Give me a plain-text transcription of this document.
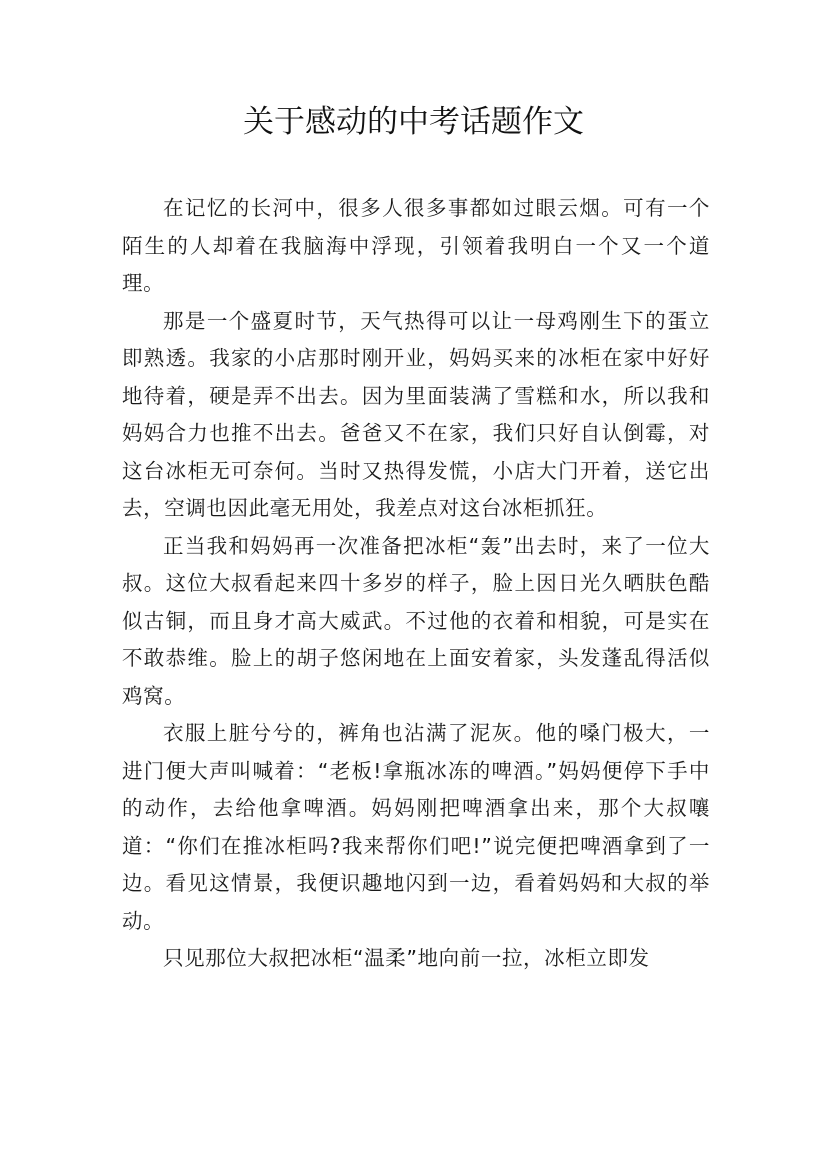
关于感动的中考话题作文

在记忆的长河中，很多人很多事都如过眼云烟。可有一个陌生的人却着在我脑海中浮现，引领着我明白一个又一个道理。

那是一个盛夏时节，天气热得可以让一母鸡刚生下的蛋立即熟透。我家的小店那时刚开业，妈妈买来的冰柜在家中好好地待着，硬是弄不出去。因为里面装满了雪糕和水，所以我和妈妈合力也推不出去。爸爸又不在家，我们只好自认倒霉，对这台冰柜无可奈何。当时又热得发慌，小店大门开着，送它出去，空调也因此毫无用处，我差点对这台冰柜抓狂。

正当我和妈妈再一次准备把冰柜“轰”出去时，来了一位大叔。这位大叔看起来四十多岁的样子，脸上因日光久晒肤色酷似古铜，而且身才高大威武。不过他的衣着和相貌，可是实在不敢恭维。脸上的胡子悠闲地在上面安着家，头发蓬乱得活似鸡窝。

衣服上脏兮兮的，裤角也沾满了泥灰。他的嗓门极大，一进门便大声叫喊着：“老板!拿瓶冰冻的啤酒。”妈妈便停下手中的动作，去给他拿啤酒。妈妈刚把啤酒拿出来，那个大叔嚷道：“你们在推冰柜吗?我来帮你们吧!”说完便把啤酒拿到了一边。看见这情景，我便识趣地闪到一边，看着妈妈和大叔的举动。

只见那位大叔把冰柜“温柔”地向前一拉，冰柜立即发
